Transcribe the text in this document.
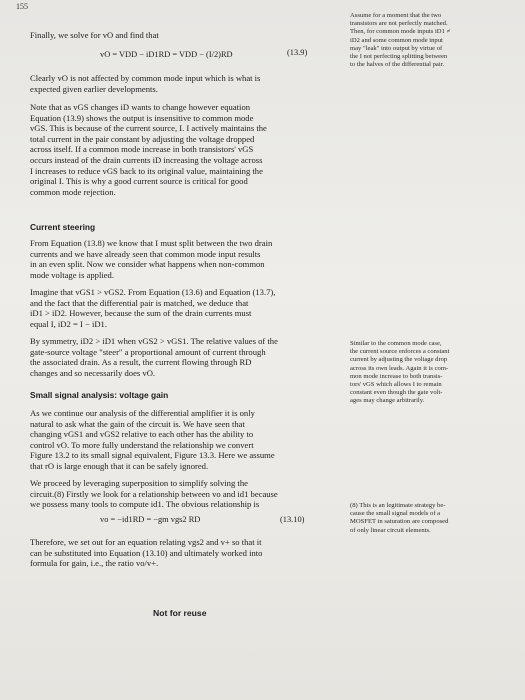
155

Finally, we solve for vO and find that

vO = VDD − iD1RD = VDD − (I/2)RD	(13.9)

Clearly vO is not affected by common mode input which is what is

expected given earlier developments.

Note that as vGS changes iD wants to change however equation

Equation (13.9) shows the output is insensitive to common mode

vGS. This is because of the current source, I. I actively maintains the

total current in the pair constant by adjusting the voltage dropped

across itself. If a common mode increase in both transistors' vGS

occurs instead of the drain currents iD increasing the voltage across

I increases to reduce vGS back to its original value, maintaining the

original I. This is why a good current source is critical for good

common mode rejection.

Current steering

From Equation (13.8) we know that I must split between the two drain

currents and we have already seen that common mode input results

in an even split. Now we consider what happens when non-common

mode voltage is applied.

Imagine that vGS1 > vGS2. From Equation (13.6) and Equation (13.7),

and the fact that the differential pair is matched, we deduce that

iD1 > iD2. However, because the sum of the drain currents must

equal I, iD2 = I − iD1.

By symmetry, iD2 > iD1 when vGS2 > vGS1. The relative values of the

gate-source voltage "steer" a proportional amount of current through

the associated drain. As a result, the current flowing through RD

changes and so necessarily does vO.

Small signal analysis: voltage gain

As we continue our analysis of the differential amplifier it is only

natural to ask what the gain of the circuit is. We have seen that

changing vGS1 and vGS2 relative to each other has the ability to

control vO. To more fully understand the relationship we convert

Figure 13.2 to its small signal equivalent, Figure 13.3. Here we assume

that rO is large enough that it can be safely ignored.

We proceed by leveraging superposition to simplify solving the

circuit.(8) Firstly we look for a relationship between vo and id1 because

we possess many tools to compute id1. The obvious relationship is

vo = −id1RD = −gm vgs2 RD	(13.10)

Therefore, we set out for an equation relating vgs2 and v+ so that it

can be substituted into Equation (13.10) and ultimately worked into

formula for gain, i.e., the ratio vo/v+.

Not for reuse
Assume for a moment that the two
transistors are not perfectly matched.
Then, for common mode inputs iD1 ≠
iD2 and some common mode input
may "leak" into output by virtue of
the I not perfecting splitting between
to the halves of the differential pair.
Similar to the common mode case,
the current source enforces a constant
current by adjusting the voltage drop
across its own leads. Again it is com-
mon mode increase to both transis-
tors' vGS which allows I to remain
constant even though the gate volt-
ages may change arbitrarily.
(8) This is an legitimate strategy be-
cause the small signal models of a
MOSFET in saturation are composed
of only linear circuit elements.
